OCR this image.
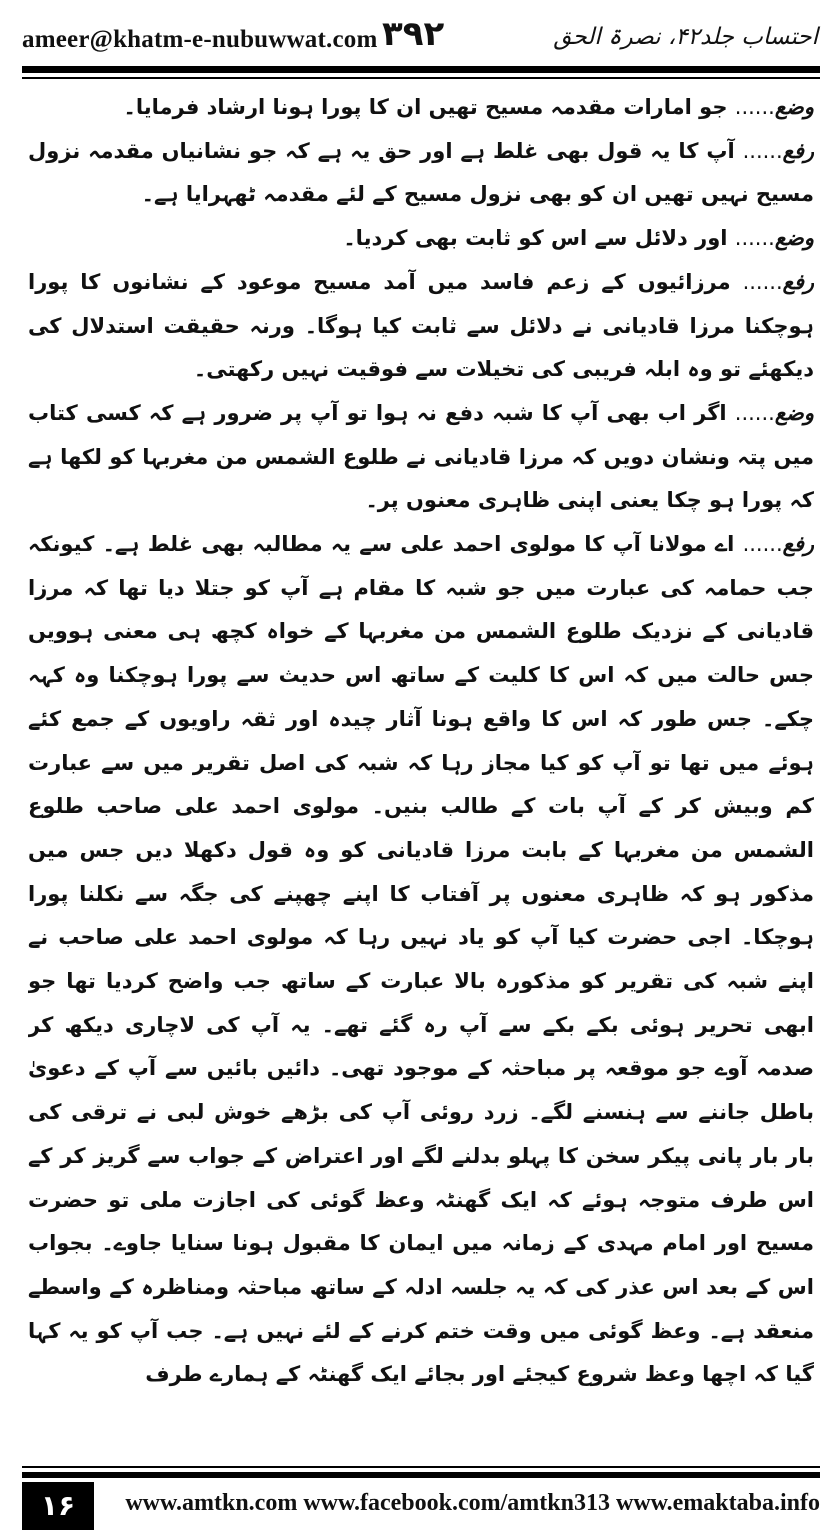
ameer@khatm-e-nubuwwat.com ۳۹۲	احتساب جلد۴۲، نصرۃ الحق

وضع...... جو امارات مقدمہ مسیح تھیں ان کا پورا ہونا ارشاد فرمایا۔

رفع...... آپ کا یہ قول بھی غلط ہے اور حق یہ ہے کہ جو نشانیاں مقدمہ نزول مسیح نہیں تھیں ان کو بھی نزول مسیح کے لئے مقدمہ ٹھہرایا ہے۔

وضع...... اور دلائل سے اس کو ثابت بھی کردیا۔

رفع...... مرزائیوں کے زعم فاسد میں آمد مسیح موعود کے نشانوں کا پورا ہوچکنا مرزا قادیانی نے دلائل سے ثابت کیا ہوگا۔ ورنہ حقیقت استدلال کی دیکھئے تو وہ ابلہ فریبی کی تخیلات سے فوقیت نہیں رکھتی۔

وضع...... اگر اب بھی آپ کا شبہ دفع نہ ہوا تو آپ پر ضرور ہے کہ کسی کتاب میں پتہ ونشان دویں کہ مرزا قادیانی نے طلوع الشمس من مغربہا کو لکھا ہے کہ پورا ہو چکا یعنی اپنی ظاہری معنوں پر۔

رفع...... اے مولانا آپ کا مولوی احمد علی سے یہ مطالبہ بھی غلط ہے۔ کیونکہ جب حمامہ کی عبارت میں جو شبہ کا مقام ہے آپ کو جتلا دیا تھا کہ مرزا قادیانی کے نزدیک طلوع الشمس من مغربہا کے خواہ کچھ ہی معنی ہوویں جس حالت میں کہ اس کا کلیت کے ساتھ اس حدیث سے پورا ہوچکنا وہ کہہ چکے۔ جس طور کہ اس کا واقع ہونا آثار چیدہ اور ثقہ راویوں کے جمع کئے ہوئے میں تھا تو آپ کو کیا مجاز رہا کہ شبہ کی اصل تقریر میں سے عبارت کم وبیش کر کے آپ بات کے طالب بنیں۔ مولوی احمد علی صاحب طلوع الشمس من مغربہا کے بابت مرزا قادیانی کو وہ قول دکھلا دیں جس میں مذکور ہو کہ ظاہری معنوں پر آفتاب کا اپنے چھپنے کی جگہ سے نکلنا پورا ہوچکا۔ اجی حضرت کیا آپ کو یاد نہیں رہا کہ مولوی احمد علی صاحب نے اپنے شبہ کی تقریر کو مذکورہ بالا عبارت کے ساتھ جب واضح کردیا تھا جو ابھی تحریر ہوئی بکے بکے سے آپ رہ گئے تھے۔ یہ آپ کی لاچاری دیکھ کر صدمہ آوے جو موقعہ پر مباحثہ کے موجود تھی۔ دائیں بائیں سے آپ کے دعویٰ باطل جاننے سے ہنسنے لگے۔ زرد روئی آپ کی بڑھے خوش لبی نے ترقی کی بار بار پانی پیکر سخن کا پہلو بدلنے لگے اور اعتراض کے جواب سے گریز کر کے اس طرف متوجہ ہوئے کہ ایک گھنٹہ وعظ گوئی کی اجازت ملی تو حضرت مسیح اور امام مہدی کے زمانہ میں ایمان کا مقبول ہونا سنایا جاوے۔ بجواب اس کے بعد اس عذر کی کہ یہ جلسہ ادلہ کے ساتھ مباحثہ ومناظرہ کے واسطے منعقد ہے۔ وعظ گوئی میں وقت ختم کرنے کے لئے نہیں ہے۔ جب آپ کو یہ کہا گیا کہ اچھا وعظ شروع کیجئے اور بجائے ایک گھنٹہ کے ہمارے طرف

۱۶	www.amtkn.com www.facebook.com/amtkn313 www.emaktaba.info
